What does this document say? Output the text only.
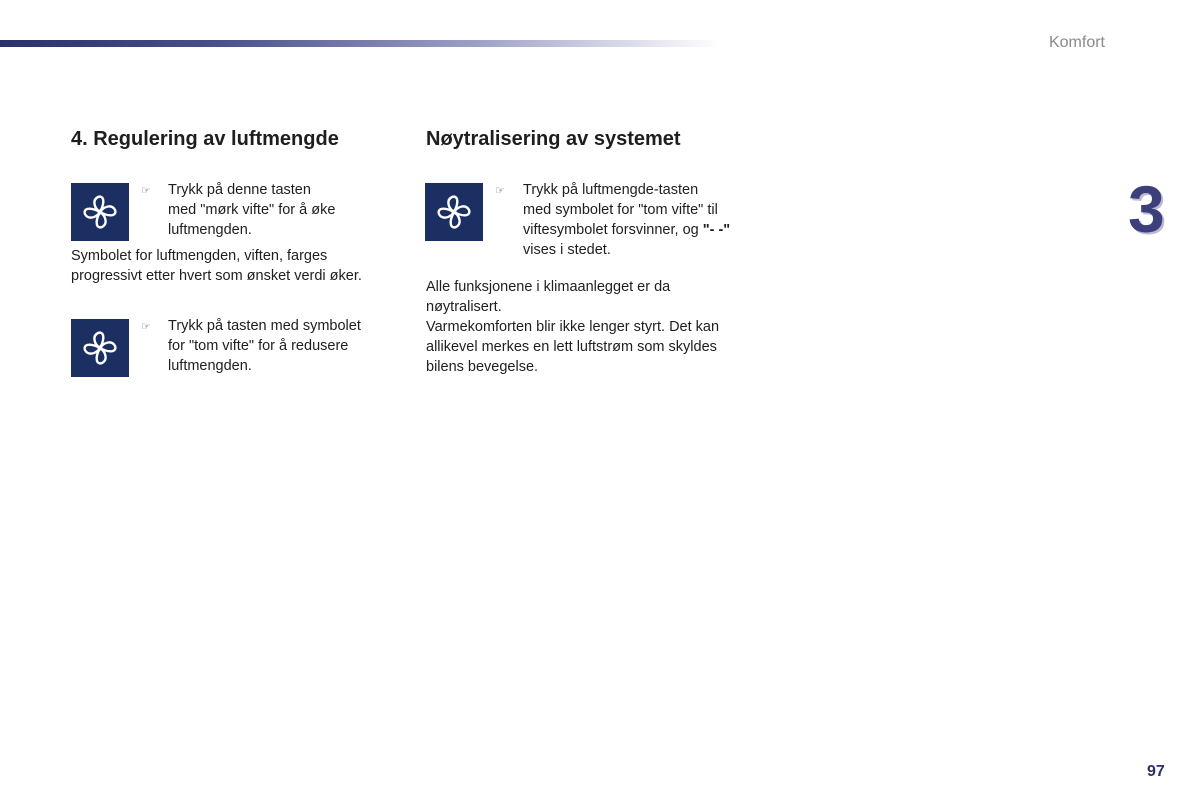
Komfort
3
97
4. Regulering av luftmengde
☞ Trykk på denne tasten
med "mørk vifte" for å øke
luftmengden.
Symbolet for luftmengden, viften, farges
progressivt etter hvert som ønsket verdi øker.
☞ Trykk på tasten med symbolet
for "tom vifte" for å redusere
luftmengden.
Nøytralisering av systemet
☞ Trykk på luftmengde-tasten
med symbolet for "tom vifte" til
viftesymbolet forsvinner, og "- -"
vises i stedet.
Alle funksjonene i klimaanlegget er da
nøytralisert.
Varmekomforten blir ikke lenger styrt. Det kan
allikevel merkes en lett luftstrøm som skyldes
bilens bevegelse.
